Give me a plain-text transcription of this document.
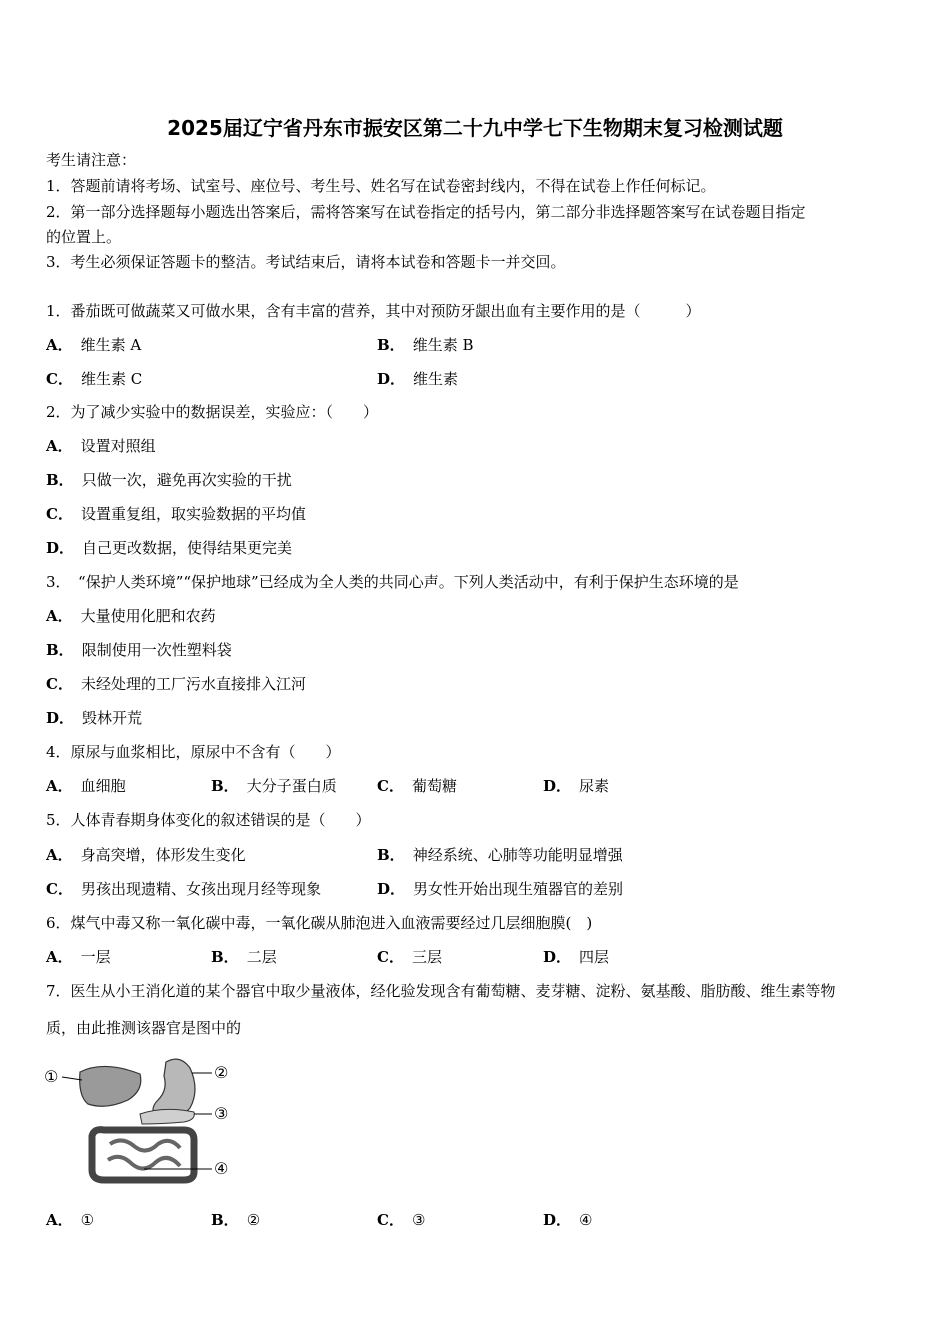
2025届辽宁省丹东市振安区第二十九中学七下生物期末复习检测试题
考生请注意：
1．答题前请将考场、试室号、座位号、考生号、姓名写在试卷密封线内，不得在试卷上作任何标记。
2．第一部分选择题每小题选出答案后，需将答案写在试卷指定的括号内，第二部分非选择题答案写在试卷题目指定
的位置上。
3．考生必须保证答题卡的整洁。考试结束后，请将本试卷和答题卡一并交回。
1．番茄既可做蔬菜又可做水果，含有丰富的营养，其中对预防牙龈出血有主要作用的是（　　　）
A． 维生素 A	B． 维生素 B
C． 维生素 C	D． 维生素
2．为了减少实验中的数据误差，实验应：（　　）
A． 设置对照组
B． 只做一次，避免再次实验的干扰
C． 设置重复组，取实验数据的平均值
D． 自己更改数据，使得结果更完美
3．　“保护人类环境”“保护地球”已经成为全人类的共同心声。下列人类活动中，有利于保护生态环境的是
A． 大量使用化肥和农药
B． 限制使用一次性塑料袋
C． 未经处理的工厂污水直接排入江河
D． 毁林开荒
4．原尿与血浆相比，原尿中不含有（　　）
A． 血细胞	B． 大分子蛋白质	C． 葡萄糖	D． 尿素
5．人体青春期身体变化的叙述错误的是（　　）
A． 身高突增，体形发生变化	B． 神经系统、心肺等功能明显增强
C． 男孩出现遗精、女孩出现月经等现象	D． 男女性开始出现生殖器官的差别
6．煤气中毒又称一氧化碳中毒，一氧化碳从肺泡进入血液需要经过几层细胞膜(　)
A． 一层	B． 二层	C． 三层	D． 四层
7．医生从小王消化道的某个器官中取少量液体，经化验发现含有葡萄糖、麦芽糖、淀粉、氨基酸、脂肪酸、维生素等物
质，由此推测该器官是图中的
①	②
③
④
A． ①	B． ②	C． ③	D． ④
